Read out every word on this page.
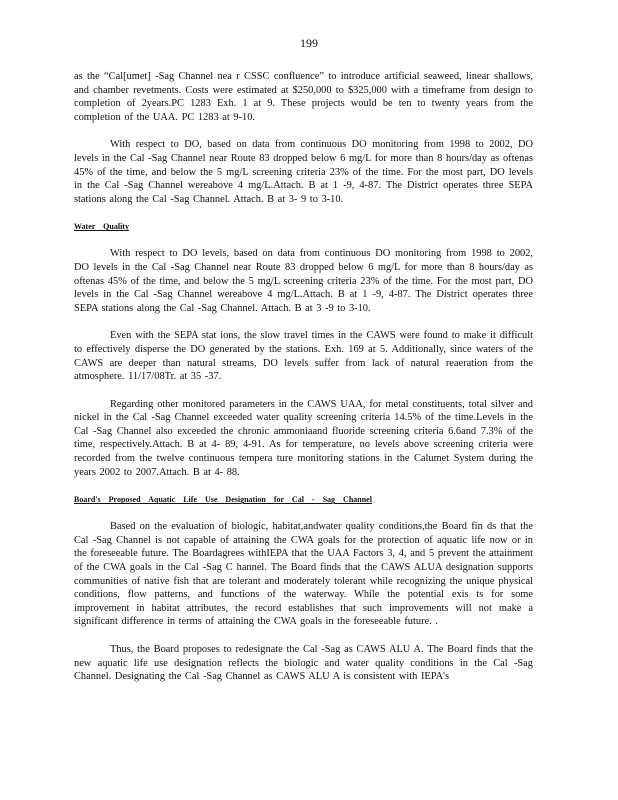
199

as the “Cal[umet] -Sag Channel nea r CSSC confluence” to introduce artificial seaweed, linear shallows, and chamber revetments. Costs were estimated at $250,000 to $325,000 with a timeframe from design to completion of 2years.PC 1283 Exh. 1 at 9. These projects would be ten to twenty years from the completion of the UAA. PC 1283 at 9-10.

With respect to DO, based on data from continuous DO monitoring from 1998 to 2002, DO levels in the Cal -Sag Channel near Route 83 dropped below 6 mg/L for more than 8 hours/day as oftenas 45% of the time, and below the 5 mg/L screening criteria 23% of the time. For the most part, DO levels in the Cal -Sag Channel wereabove 4 mg/L.Attach. B at 1 -9, 4-87. The District operates three SEPA stations along the Cal -Sag Channel. Attach. B at 3- 9 to 3-10.

Water Quality

With respect to DO levels, based on data from continuous DO monitoring from 1998 to 2002, DO levels in the Cal -Sag Channel near Route 83 dropped below 6 mg/L for more than 8 hours/day as oftenas 45% of the time, and below the 5 mg/L screening criteria 23% of the time. For the most part, DO levels in the Cal -Sag Channel wereabove 4 mg/L.Attach. B at 1 -9, 4-87. The District operates three SEPA stations along the Cal -Sag Channel. Attach. B at 3 -9 to 3-10.

Even with the SEPA stat ions, the slow travel times in the CAWS were found to make it difficult to effectively disperse the DO generated by the stations. Exh. 169 at 5. Additionally, since waters of the CAWS are deeper than natural streams, DO levels suffer from lack of natural reaeration from the atmosphere. 11/17/08Tr. at 35 -37.

Regarding other monitored parameters in the CAWS UAA, for metal constituents, total silver and nickel in the Cal -Sag Channel exceeded water quality screening criteria 14.5% of the time.Levels in the Cal -Sag Channel also exceeded the chronic ammoniaand fluoride screening criteria 6.6and 7.3% of the time, respectively.Attach. B at 4- 89, 4-91. As for temperature, no levels above screening criteria were recorded from the twelve continuous tempera ture monitoring stations in the Calumet System during the years 2002 to 2007.Attach. B at 4- 88.

Board's Proposed Aquatic Life Use Designation for Cal - Sag Channel

Based on the evaluation of biologic, habitat,andwater quality conditions,the Board fin ds that the Cal -Sag Channel is not capable of attaining the CWA goals for the protection of aquatic life now or in the foreseeable future. The Boardagrees withIEPA that the UAA Factors 3, 4, and 5 prevent the attainment of the CWA goals in the Cal -Sag C hannel. The Board finds that the CAWS ALUA designation supports communities of native fish that are tolerant and moderately tolerant while recognizing the unique physical conditions, flow patterns, and functions of the waterway. While the potential exis ts for some improvement in habitat attributes, the record establishes that such improvements will not make a significant difference in terms of attaining the CWA goals in the foreseeable future. .

Thus, the Board proposes to redesignate the Cal -Sag as CAWS ALU A. The Board finds that the new aquatic life use designation reflects the biologic and water quality conditions in the Cal -Sag Channel. Designating the Cal -Sag Channel as CAWS ALU A is consistent with IEPA's
